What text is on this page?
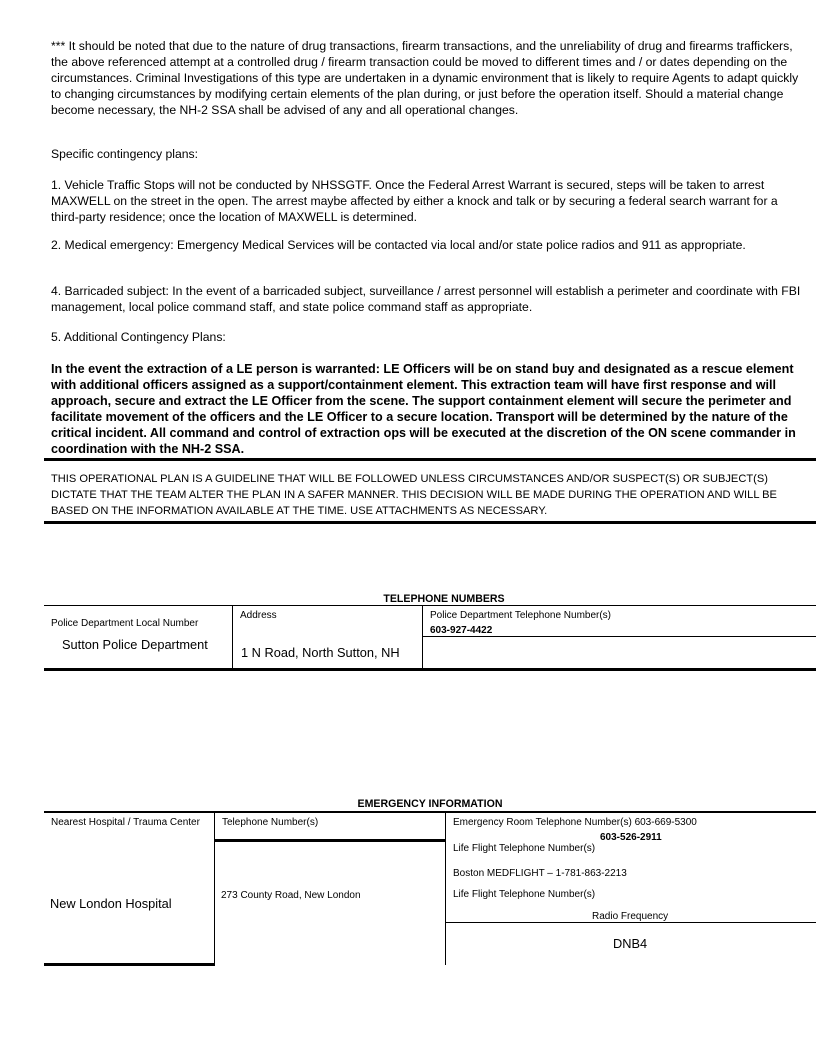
*** It should be noted that due to the nature of drug transactions, firearm transactions, and the unreliability of drug and firearms traffickers, the above referenced attempt at a controlled drug / firearm transaction could be moved to different times and / or dates depending on the circumstances. Criminal Investigations of this type are undertaken in a dynamic environment that is likely to require Agents to adapt quickly to changing circumstances by modifying certain elements of the plan during, or just before the operation itself. Should a material change become necessary, the NH-2 SSA shall be advised of any and all operational changes.

Specific contingency plans:

1. Vehicle Traffic Stops will not be conducted by NHSSGTF. Once the Federal Arrest Warrant is secured, steps will be taken to arrest MAXWELL on the street in the open. The arrest maybe affected by either a knock and talk or by securing a federal search warrant for a third-party residence; once the location of MAXWELL is determined.

2. Medical emergency: Emergency Medical Services will be contacted via local and/or state police radios and 911 as appropriate.

4. Barricaded subject: In the event of a barricaded subject, surveillance / arrest personnel will establish a perimeter and coordinate with FBI management, local police command staff, and state police command staff as appropriate.

5. Additional Contingency Plans:

In the event the extraction of a LE person is warranted: LE Officers will be on stand buy and designated as a rescue element with additional officers assigned as a support/containment element. This extraction team will have first response and will approach, secure and extract the LE Officer from the scene. The support containment element will secure the perimeter and facilitate movement of the officers and the LE Officer to a secure location. Transport will be determined by the nature of the critical incident. All command and control of extraction ops will be executed at the discretion of the ON scene commander in coordination with the NH-2 SSA.

THIS OPERATIONAL PLAN IS A GUIDELINE THAT WILL BE FOLLOWED UNLESS CIRCUMSTANCES AND/OR SUSPECT(S) OR SUBJECT(S) DICTATE THAT THE TEAM ALTER THE PLAN IN A SAFER MANNER. THIS DECISION WILL BE MADE DURING THE OPERATION AND WILL BE BASED ON THE INFORMATION AVAILABLE AT THE TIME. USE ATTACHMENTS AS NECESSARY.

TELEPHONE NUMBERS
Police Department Local Number
Address	Police Department Telephone Number(s)
603-927-4422
Sutton Police Department
1 N Road, North Sutton, NH
EMERGENCY INFORMATION
Nearest Hospital / Trauma Center Telephone Number(s)	Emergency Room Telephone Number(s) 603-669-5300
603-526-2911
Life Flight Telephone Number(s)
Boston MEDFLIGHT – 1-781-863-2213
Life Flight Telephone Number(s)
Radio Frequency
DNB4
New London Hospital
273 County Road, New London
